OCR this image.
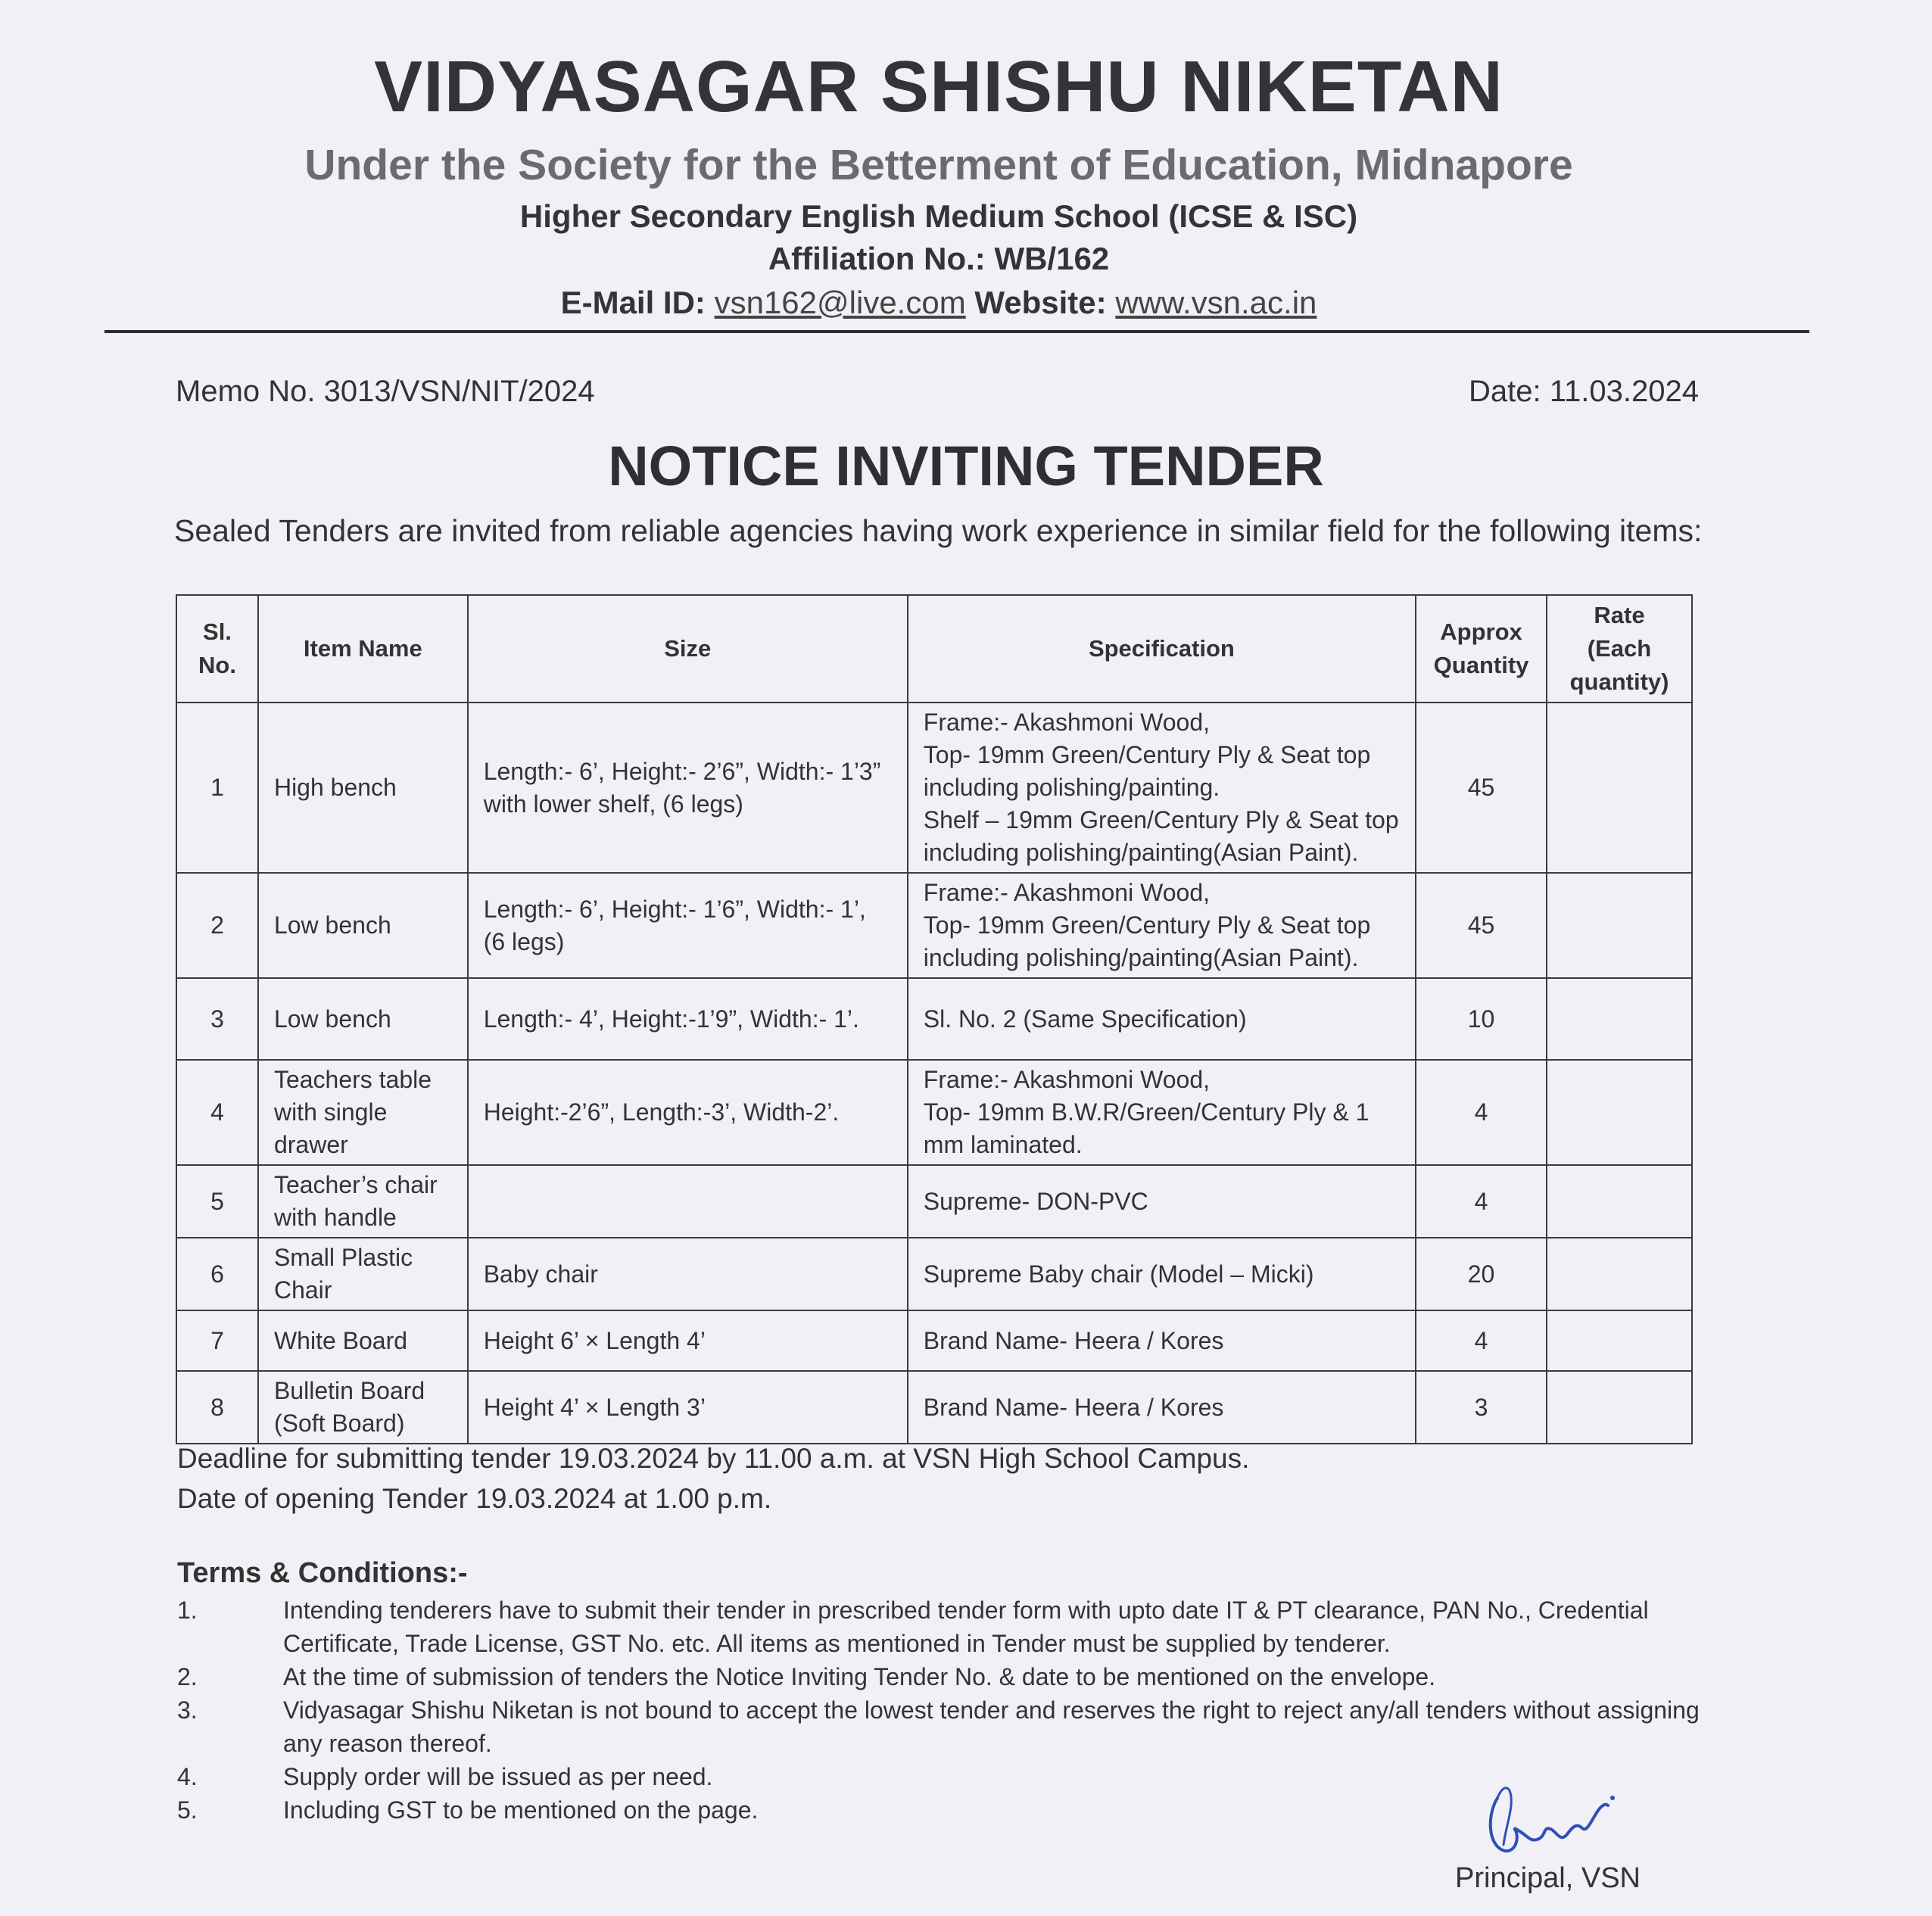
VIDYASAGAR SHISHU NIKETAN
Under the Society for the Betterment of Education, Midnapore
Higher Secondary English Medium School (ICSE & ISC)
Affiliation No.: WB/162
E-Mail ID: vsn162@live.com Website: www.vsn.ac.in
Memo No. 3013/VSN/NIT/2024	Date: 11.03.2024
NOTICE INVITING TENDER
Sealed Tenders are invited from reliable agencies having work experience in similar field for the following items:
Sl. No.	Item Name	Size	Specification	Approx Quantity	Rate (Each quantity)
1	High bench	Length:- 6’, Height:- 2’6”, Width:- 1’3” with lower shelf, (6 legs)	Frame:- Akashmoni Wood,
Top- 19mm Green/Century Ply & Seat top including polishing/painting.
Shelf – 19mm Green/Century Ply & Seat top including polishing/painting(Asian Paint).	45	
2	Low bench	Length:- 6’, Height:- 1’6”, Width:- 1’, (6 legs)	Frame:- Akashmoni Wood,
Top- 19mm Green/Century Ply & Seat top including polishing/painting(Asian Paint).	45	
3	Low bench	Length:- 4’, Height:-1’9”, Width:- 1’.	Sl. No. 2 (Same Specification)	10	
4	Teachers table with single drawer	Height:-2’6”, Length:-3’, Width-2’.	Frame:- Akashmoni Wood,
Top- 19mm B.W.R/Green/Century Ply & 1 mm laminated.	4	
5	Teacher’s chair with handle		Supreme- DON-PVC	4	
6	Small Plastic Chair	Baby chair	Supreme Baby chair (Model – Micki)	20	
7	White Board	Height 6’ × Length 4’	Brand Name- Heera / Kores	4	
8	Bulletin Board (Soft Board)	Height 4’ × Length 3’	Brand Name- Heera / Kores	3	
Deadline for submitting tender 19.03.2024 by 11.00 a.m. at VSN High School Campus.
Date of opening Tender 19.03.2024 at 1.00 p.m.
Terms & Conditions:-
1.	Intending tenderers have to submit their tender in prescribed tender form with upto date IT & PT clearance, PAN No., Credential Certificate, Trade License, GST No. etc. All items as mentioned in Tender must be supplied by tenderer.
2.	At the time of submission of tenders the Notice Inviting Tender No. & date to be mentioned on the envelope.
3.	Vidyasagar Shishu Niketan is not bound to accept the lowest tender and reserves the right to reject any/all tenders without assigning any reason thereof.
4.	Supply order will be issued as per need.
5.	Including GST to be mentioned on the page.
Principal, VSN
